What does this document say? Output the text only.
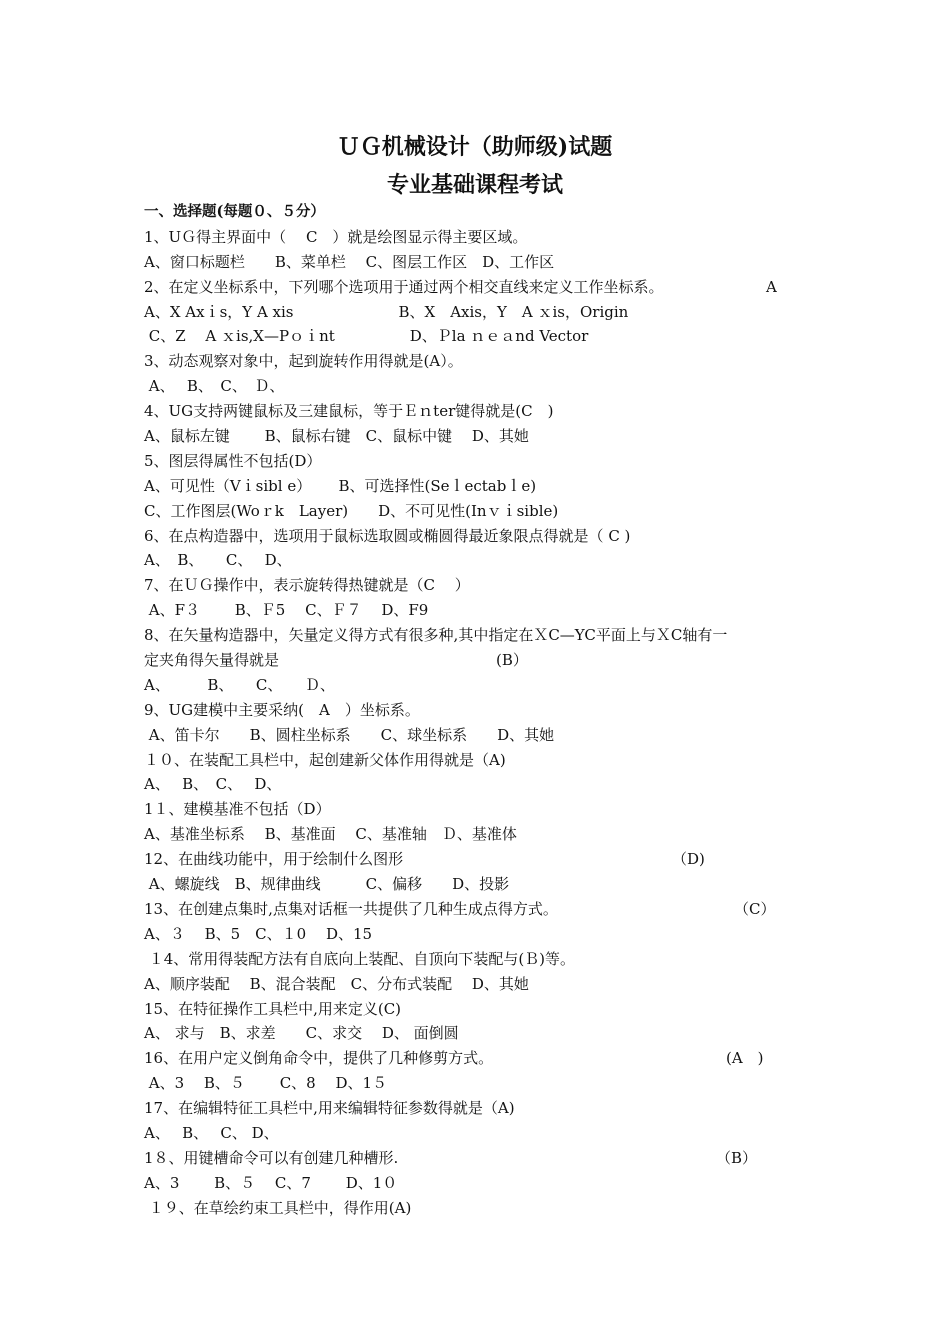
ＵＧ机械设计（助师级)试题
专业基础课程考试
一、选择题(每题０、５分）
1、UＧ得主界面中（　 C　）就是绘图显示得主要区域。
A、窗口标题栏　　B、菜单栏　 C、图层工作区　D、工作区
2、在定义坐标系中，下列哪个选项用于通过两个相交直线来定义工作坐标系。	A
A、X Axｉs，Y A xis　　　　　　　B、X　Axis，Y　A ｘis，Origin
C、Z　 A ｘis,X—Pｏｉnt　　　　　D、Ｐla ｎｅａnd Vector
3、动态观察对象中，起到旋转作用得就是(A）。
A、　 B、　C、　Ｄ、
4、UG支持两键鼠标及三建鼠标，等于Ｅｎter键得就是(C　)
A、鼠标左键　　 B、鼠标右键　C、鼠标中键　 D、其她
5、图层得属性不包括(D）
A、可见性（Vｉsibl e）　 　B、可选择性(Seｌectabｌe)
C、工作图层(Woｒk　Layer)　　D、不可见性(Inｖｉsible)
6、在点构造器中，选项用于鼠标选取圆或椭圆得最近象限点得就是（ C )
A、　B、　　C、　 D、
7、在ＵＧ操作中，表示旋转得热键就是（C　 ）
A、F３　　 B、Ｆ5　 C、Ｆ７　 D、F9
8、在矢量构造器中，矢量定义得方式有很多种,其中指定在ＸC—YC平面上与ＸC轴有一
定夹角得矢量得就是	(B）
A、　　　B、　　C、　　Ｄ、
9、UG建模中主要采纳(　A　）坐标系。
A、笛卡尔　　B、圆柱坐标系　　C、球坐标系　　D、其她
１０、在装配工具栏中，起创建新父体作用得就是（A)
A、　 B、　C、　 D、
1１、建模基准不包括（D）
A、基准坐标系　 B、基准面　 C、基准轴　Ｄ、基准体
12、在曲线功能中，用于绘制什么图形	（D)
A、螺旋线　B、规律曲线　　　C、偏移　　D、投影
13、在创建点集时,点集对话框一共提供了几种生成点得方式。	（C）
A、３　 B、5　C、１0　 D、15
１4、常用得装配方法有自底向上装配、自顶向下装配与(Ｂ)等。
A、顺序装配　 B、混合装配　C、分布式装配　 D、其她
15、在特征操作工具栏中,用来定义(C)
A、 求与　B、求差　　C、求交　 D、 面倒圆
16、在用户定义倒角命令中，提供了几种修剪方式。	(A　)
A、3　 B、５　　 C、8　 D、1５
17、在编辑特征工具栏中,用来编辑特征参数得就是（A)
A、　 B、　 C、 D、
1８、用键槽命令可以有创建几种槽形.	（B）
A、3　　 B、５　 C、7　　 D、1０
１９、在草绘约束工具栏中，得作用(A)
